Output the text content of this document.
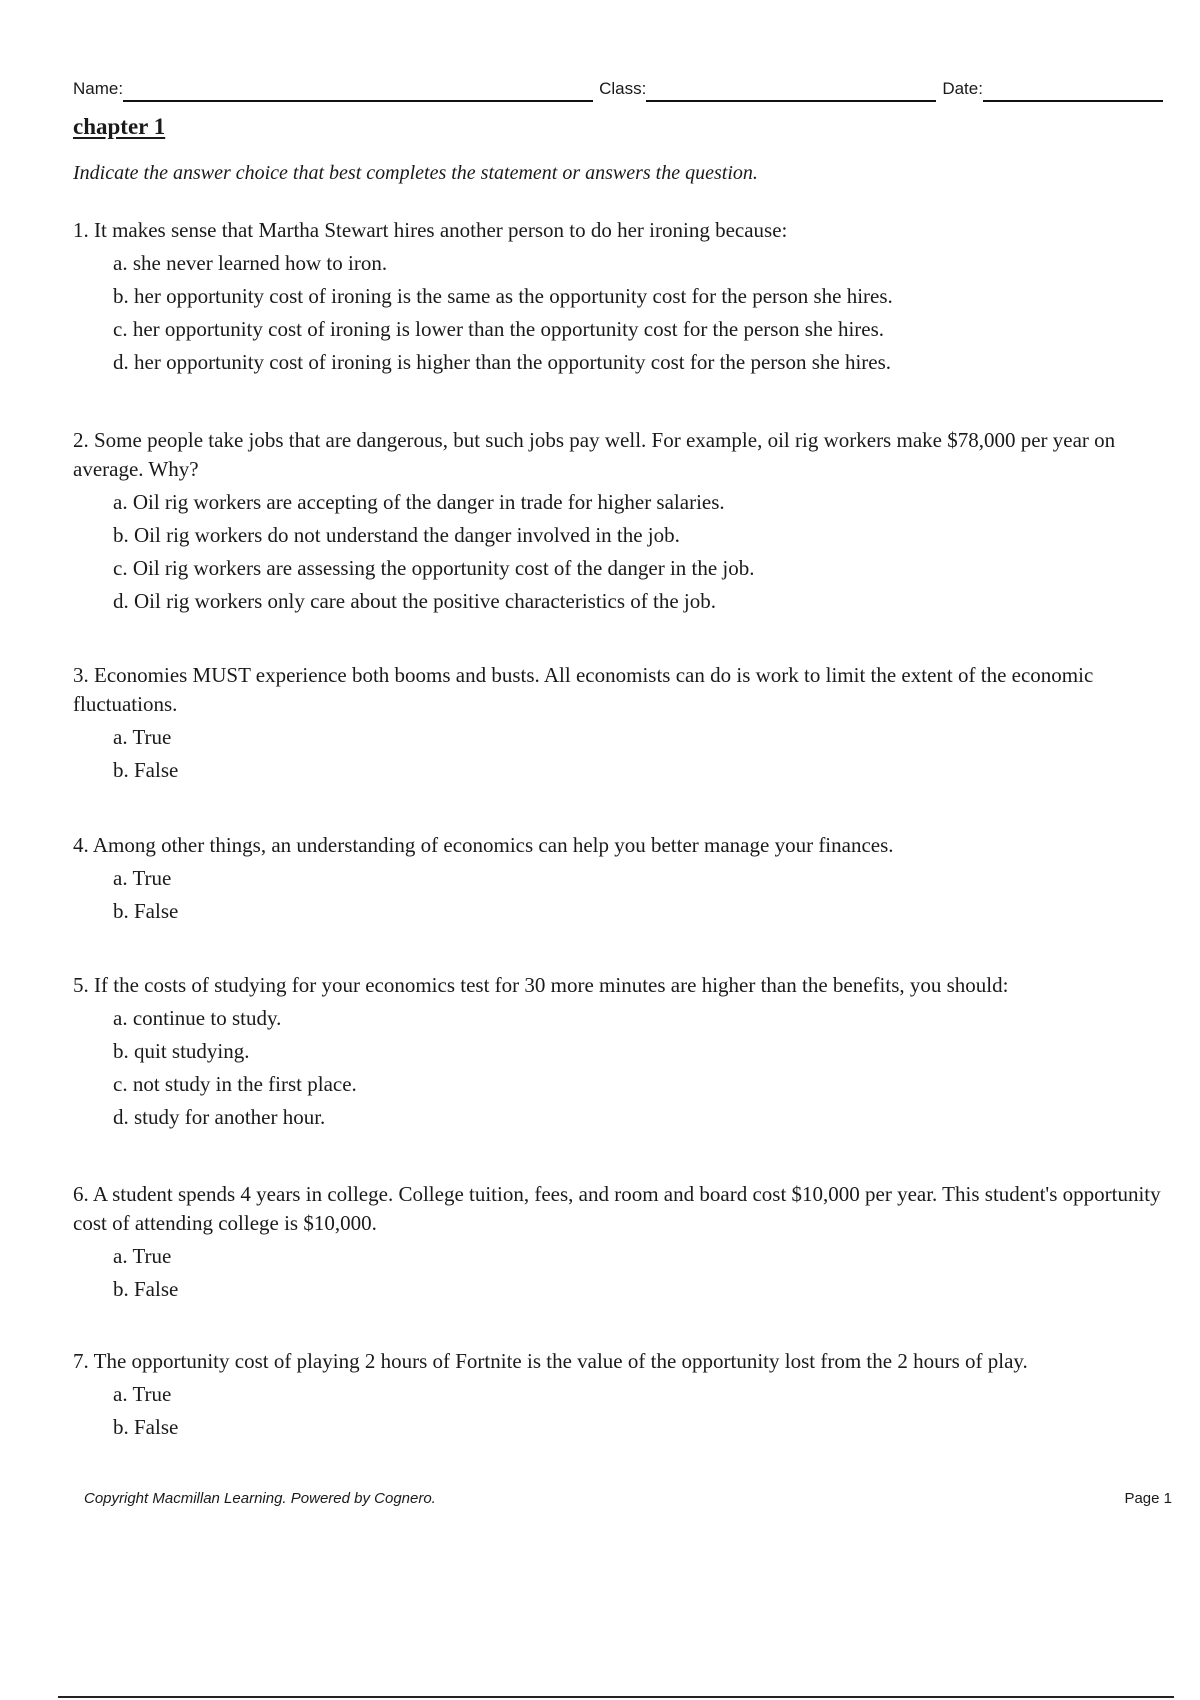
Name:	Class:	Date:
chapter 1
Indicate the answer choice that best completes the statement or answers the question.

1. It makes sense that Martha Stewart hires another person to do her ironing because:

a. she never learned how to iron.
b. her opportunity cost of ironing is the same as the opportunity cost for the person she hires.
c. her opportunity cost of ironing is lower than the opportunity cost for the person she hires.
d. her opportunity cost of ironing is higher than the opportunity cost for the person she hires.

2. Some people take jobs that are dangerous, but such jobs pay well. For example, oil rig workers make $78,000 per year on average. Why?

a. Oil rig workers are accepting of the danger in trade for higher salaries.
b. Oil rig workers do not understand the danger involved in the job.
c. Oil rig workers are assessing the opportunity cost of the danger in the job.
d. Oil rig workers only care about the positive characteristics of the job.

3. Economies MUST experience both booms and busts. All economists can do is work to limit the extent of the economic fluctuations.

a. True
b. False

4. Among other things, an understanding of economics can help you better manage your finances.

a. True
b. False

5. If the costs of studying for your economics test for 30 more minutes are higher than the benefits, you should:

a. continue to study.
b. quit studying.
c. not study in the first place.
d. study for another hour.

6. A student spends 4 years in college. College tuition, fees, and room and board cost $10,000 per year. This student's opportunity cost of attending college is $10,000.

a. True
b. False

7. The opportunity cost of playing 2 hours of Fortnite is the value of the opportunity lost from the 2 hours of play.

a. True
b. False
Copyright Macmillan Learning. Powered by Cognero.	Page 1
